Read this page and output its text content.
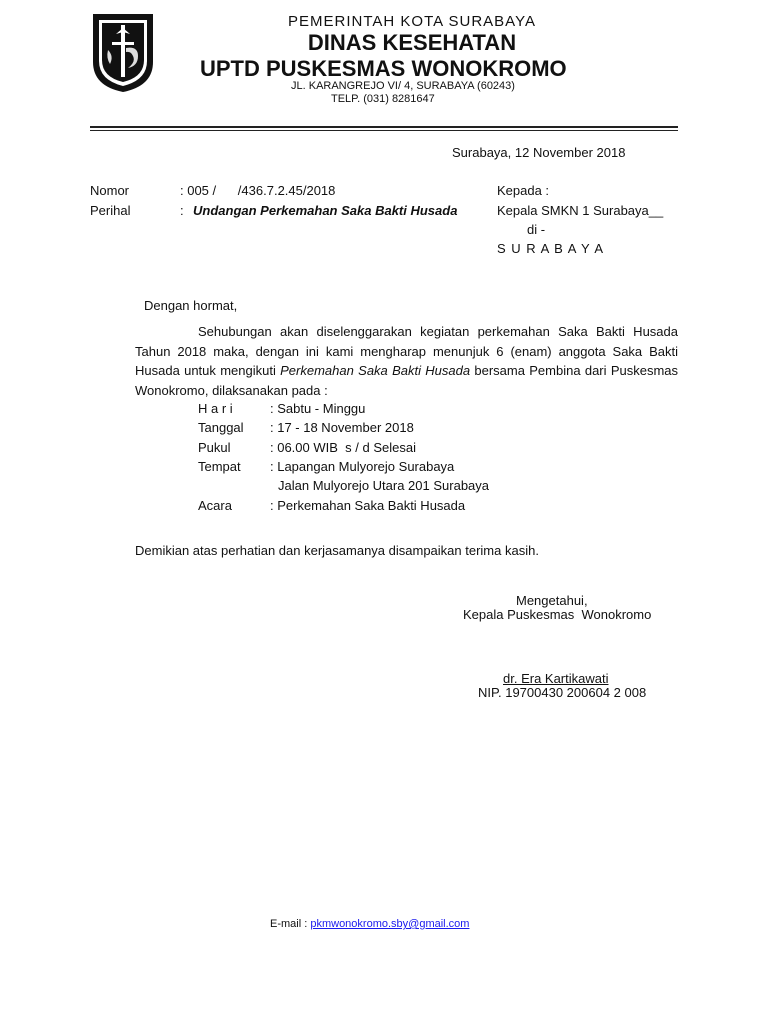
PEMERINTAH KOTA SURABAYA
DINAS KESEHATAN
UPTD PUSKESMAS WONOKROMO
JL. KARANGREJO VI/ 4, SURABAYA (60243)
TELP. (031) 8281647
Surabaya, 12 November 2018
Nomor	: 005 /      /436.7.2.45/2018
Perihal	: Undangan Perkemahan Saka Bakti Husada
Kepada :
Kepala SMKN 1 Surabaya__
di -
S U R A B A Y A
Dengan hormat,
Sehubungan akan diselenggarakan kegiatan perkemahan Saka Bakti Husada Tahun 2018 maka, dengan ini kami mengharap menunjuk 6 (enam) anggota Saka Bakti Husada untuk mengikuti Perkemahan Saka Bakti Husada bersama Pembina dari Puskesmas Wonokromo, dilaksanakan pada :
H a r i	: Sabtu - Minggu
Tanggal : 17 - 18 November 2018
Pukul	: 06.00 WIB  s / d Selesai
Tempat : Lapangan Mulyorejo Surabaya
Jalan Mulyorejo Utara 201 Surabaya
Acara	: Perkemahan Saka Bakti Husada
Demikian atas perhatian dan kerjasamanya disampaikan terima kasih.
Mengetahui,
Kepala Puskesmas  Wonokromo
dr. Era Kartikawati
NIP. 19700430 200604 2 008
E-mail : pkmwonokromo.sby@gmail.com
